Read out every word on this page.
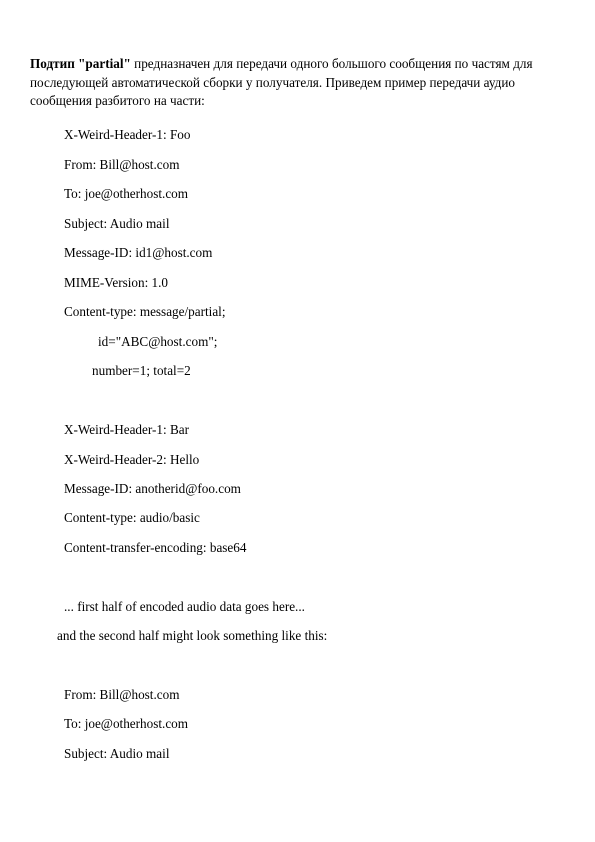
Подтип "partial" предназначен для передачи одного большого сообщения по частям для последующей автоматической сборки у получателя. Приведем пример передачи аудио сообщения разбитого на части:

X-Weird-Header-1: Foo
From: Bill@host.com
To: joe@otherhost.com
Subject: Audio mail
Message-ID: id1@host.com
MIME-Version: 1.0
Content-type: message/partial;
id="ABC@host.com";
number=1; total=2
X-Weird-Header-1: Bar
X-Weird-Header-2: Hello
Message-ID: anotherid@foo.com
Content-type: audio/basic
Content-transfer-encoding: base64
... first half of encoded audio data goes here...
and the second half might look something like this:
From: Bill@host.com
To: joe@otherhost.com
Subject: Audio mail
